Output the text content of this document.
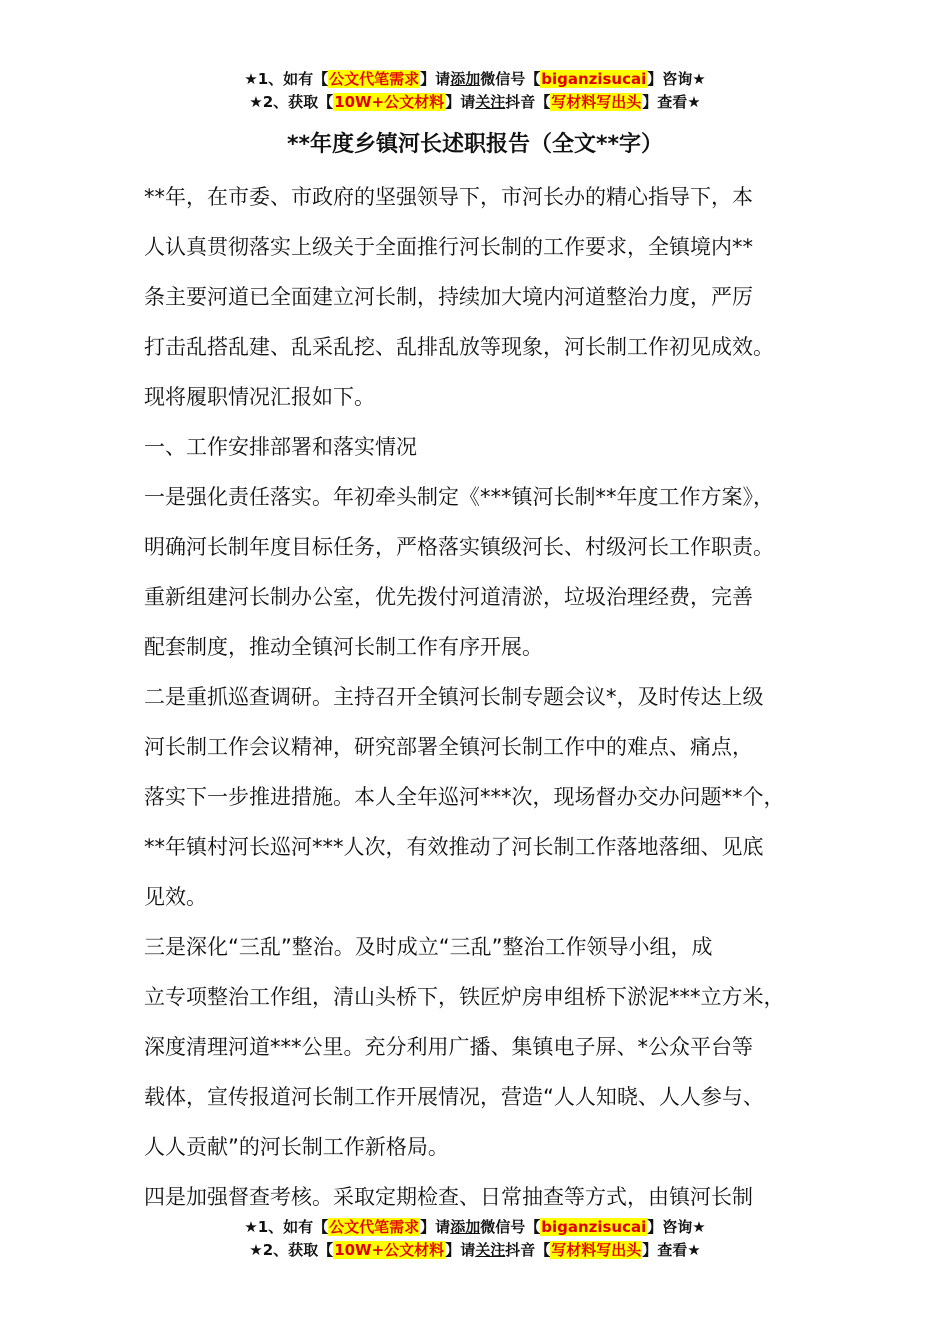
★1、如有【公文代笔需求】请添加微信号【biganzisucai】咨询★
★2、获取【10W+公文材料】请关注抖音【写材料写出头】查看★
**年度乡镇河长述职报告（全文**字）
**年，在市委、市政府的坚强领导下，市河长办的精心指导下，本
人认真贯彻落实上级关于全面推行河长制的工作要求，全镇境内**
条主要河道已全面建立河长制，持续加大境内河道整治力度，严厉
打击乱搭乱建、乱采乱挖、乱排乱放等现象，河长制工作初见成效。
现将履职情况汇报如下。
一、工作安排部署和落实情况
一是强化责任落实。年初牵头制定《***镇河长制**年度工作方案》，
明确河长制年度目标任务，严格落实镇级河长、村级河长工作职责。
重新组建河长制办公室，优先拨付河道清淤，垃圾治理经费，完善
配套制度，推动全镇河长制工作有序开展。
二是重抓巡查调研。主持召开全镇河长制专题会议*，及时传达上级
河长制工作会议精神，研究部署全镇河长制工作中的难点、痛点，
落实下一步推进措施。本人全年巡河***次，现场督办交办问题**个，
**年镇村河长巡河***人次，有效推动了河长制工作落地落细、见底
见效。
三是深化“三乱”整治。及时成立“三乱”整治工作领导小组，成
立专项整治工作组，清山头桥下，铁匠炉房申组桥下淤泥***立方米，
深度清理河道***公里。充分利用广播、集镇电子屏、*公众平台等
载体，宣传报道河长制工作开展情况，营造“人人知晓、人人参与、
人人贡献”的河长制工作新格局。
四是加强督查考核。采取定期检查、日常抽查等方式，由镇河长制
★1、如有【公文代笔需求】请添加微信号【biganzisucai】咨询★
★2、获取【10W+公文材料】请关注抖音【写材料写出头】查看★
